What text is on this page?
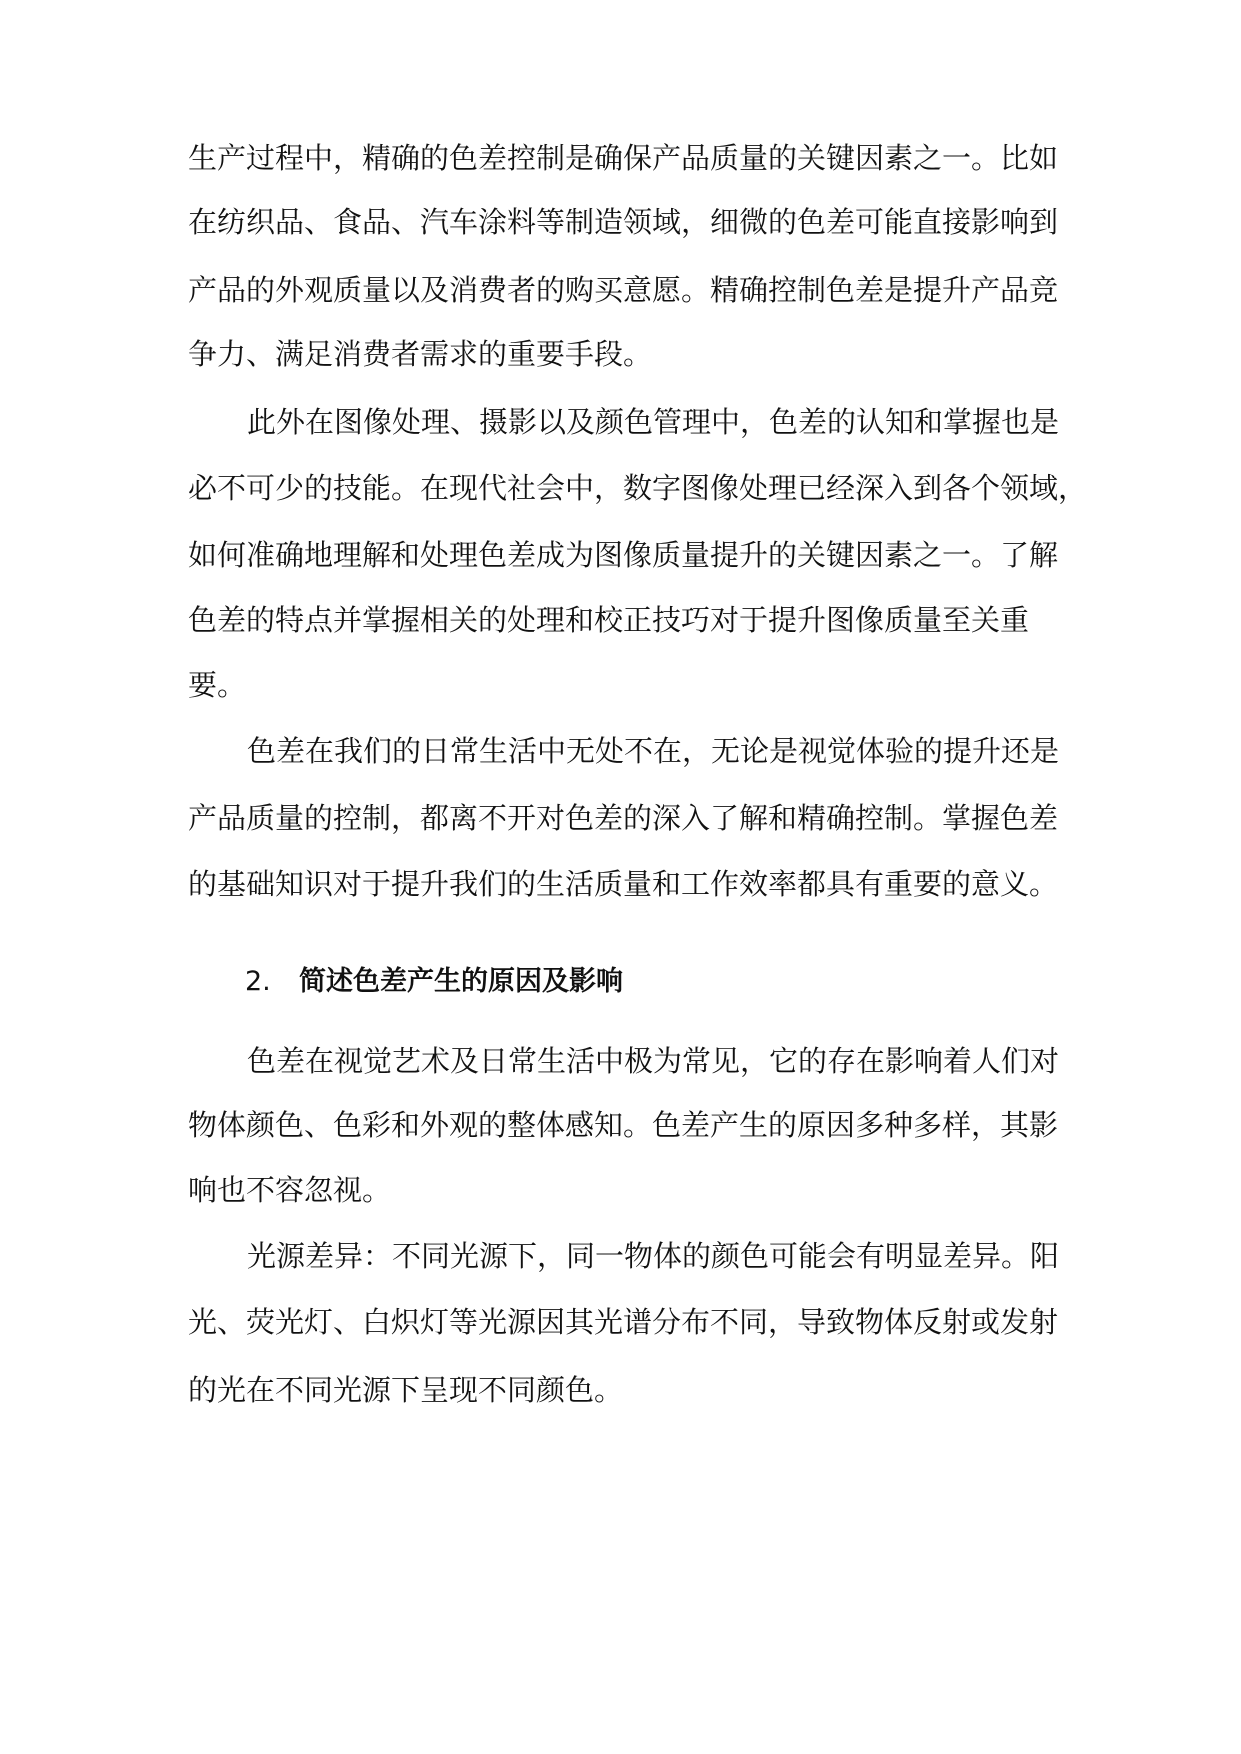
生产过程中，精确的色差控制是确保产品质量的关键因素之一。比如
在纺织品、食品、汽车涂料等制造领域，细微的色差可能直接影响到
产品的外观质量以及消费者的购买意愿。精确控制色差是提升产品竞
争力、满足消费者需求的重要手段。
此外在图像处理、摄影以及颜色管理中，色差的认知和掌握也是
必不可少的技能。在现代社会中，数字图像处理已经深入到各个领域，
如何准确地理解和处理色差成为图像质量提升的关键因素之一。了解
色差的特点并掌握相关的处理和校正技巧对于提升图像质量至关重
要。
色差在我们的日常生活中无处不在，无论是视觉体验的提升还是
产品质量的控制，都离不开对色差的深入了解和精确控制。掌握色差
的基础知识对于提升我们的生活质量和工作效率都具有重要的意义。
2. 简述色差产生的原因及影响
色差在视觉艺术及日常生活中极为常见，它的存在影响着人们对
物体颜色、色彩和外观的整体感知。色差产生的原因多种多样，其影
响也不容忽视。
光源差异：不同光源下，同一物体的颜色可能会有明显差异。阳
光、荧光灯、白炽灯等光源因其光谱分布不同，导致物体反射或发射
的光在不同光源下呈现不同颜色。
